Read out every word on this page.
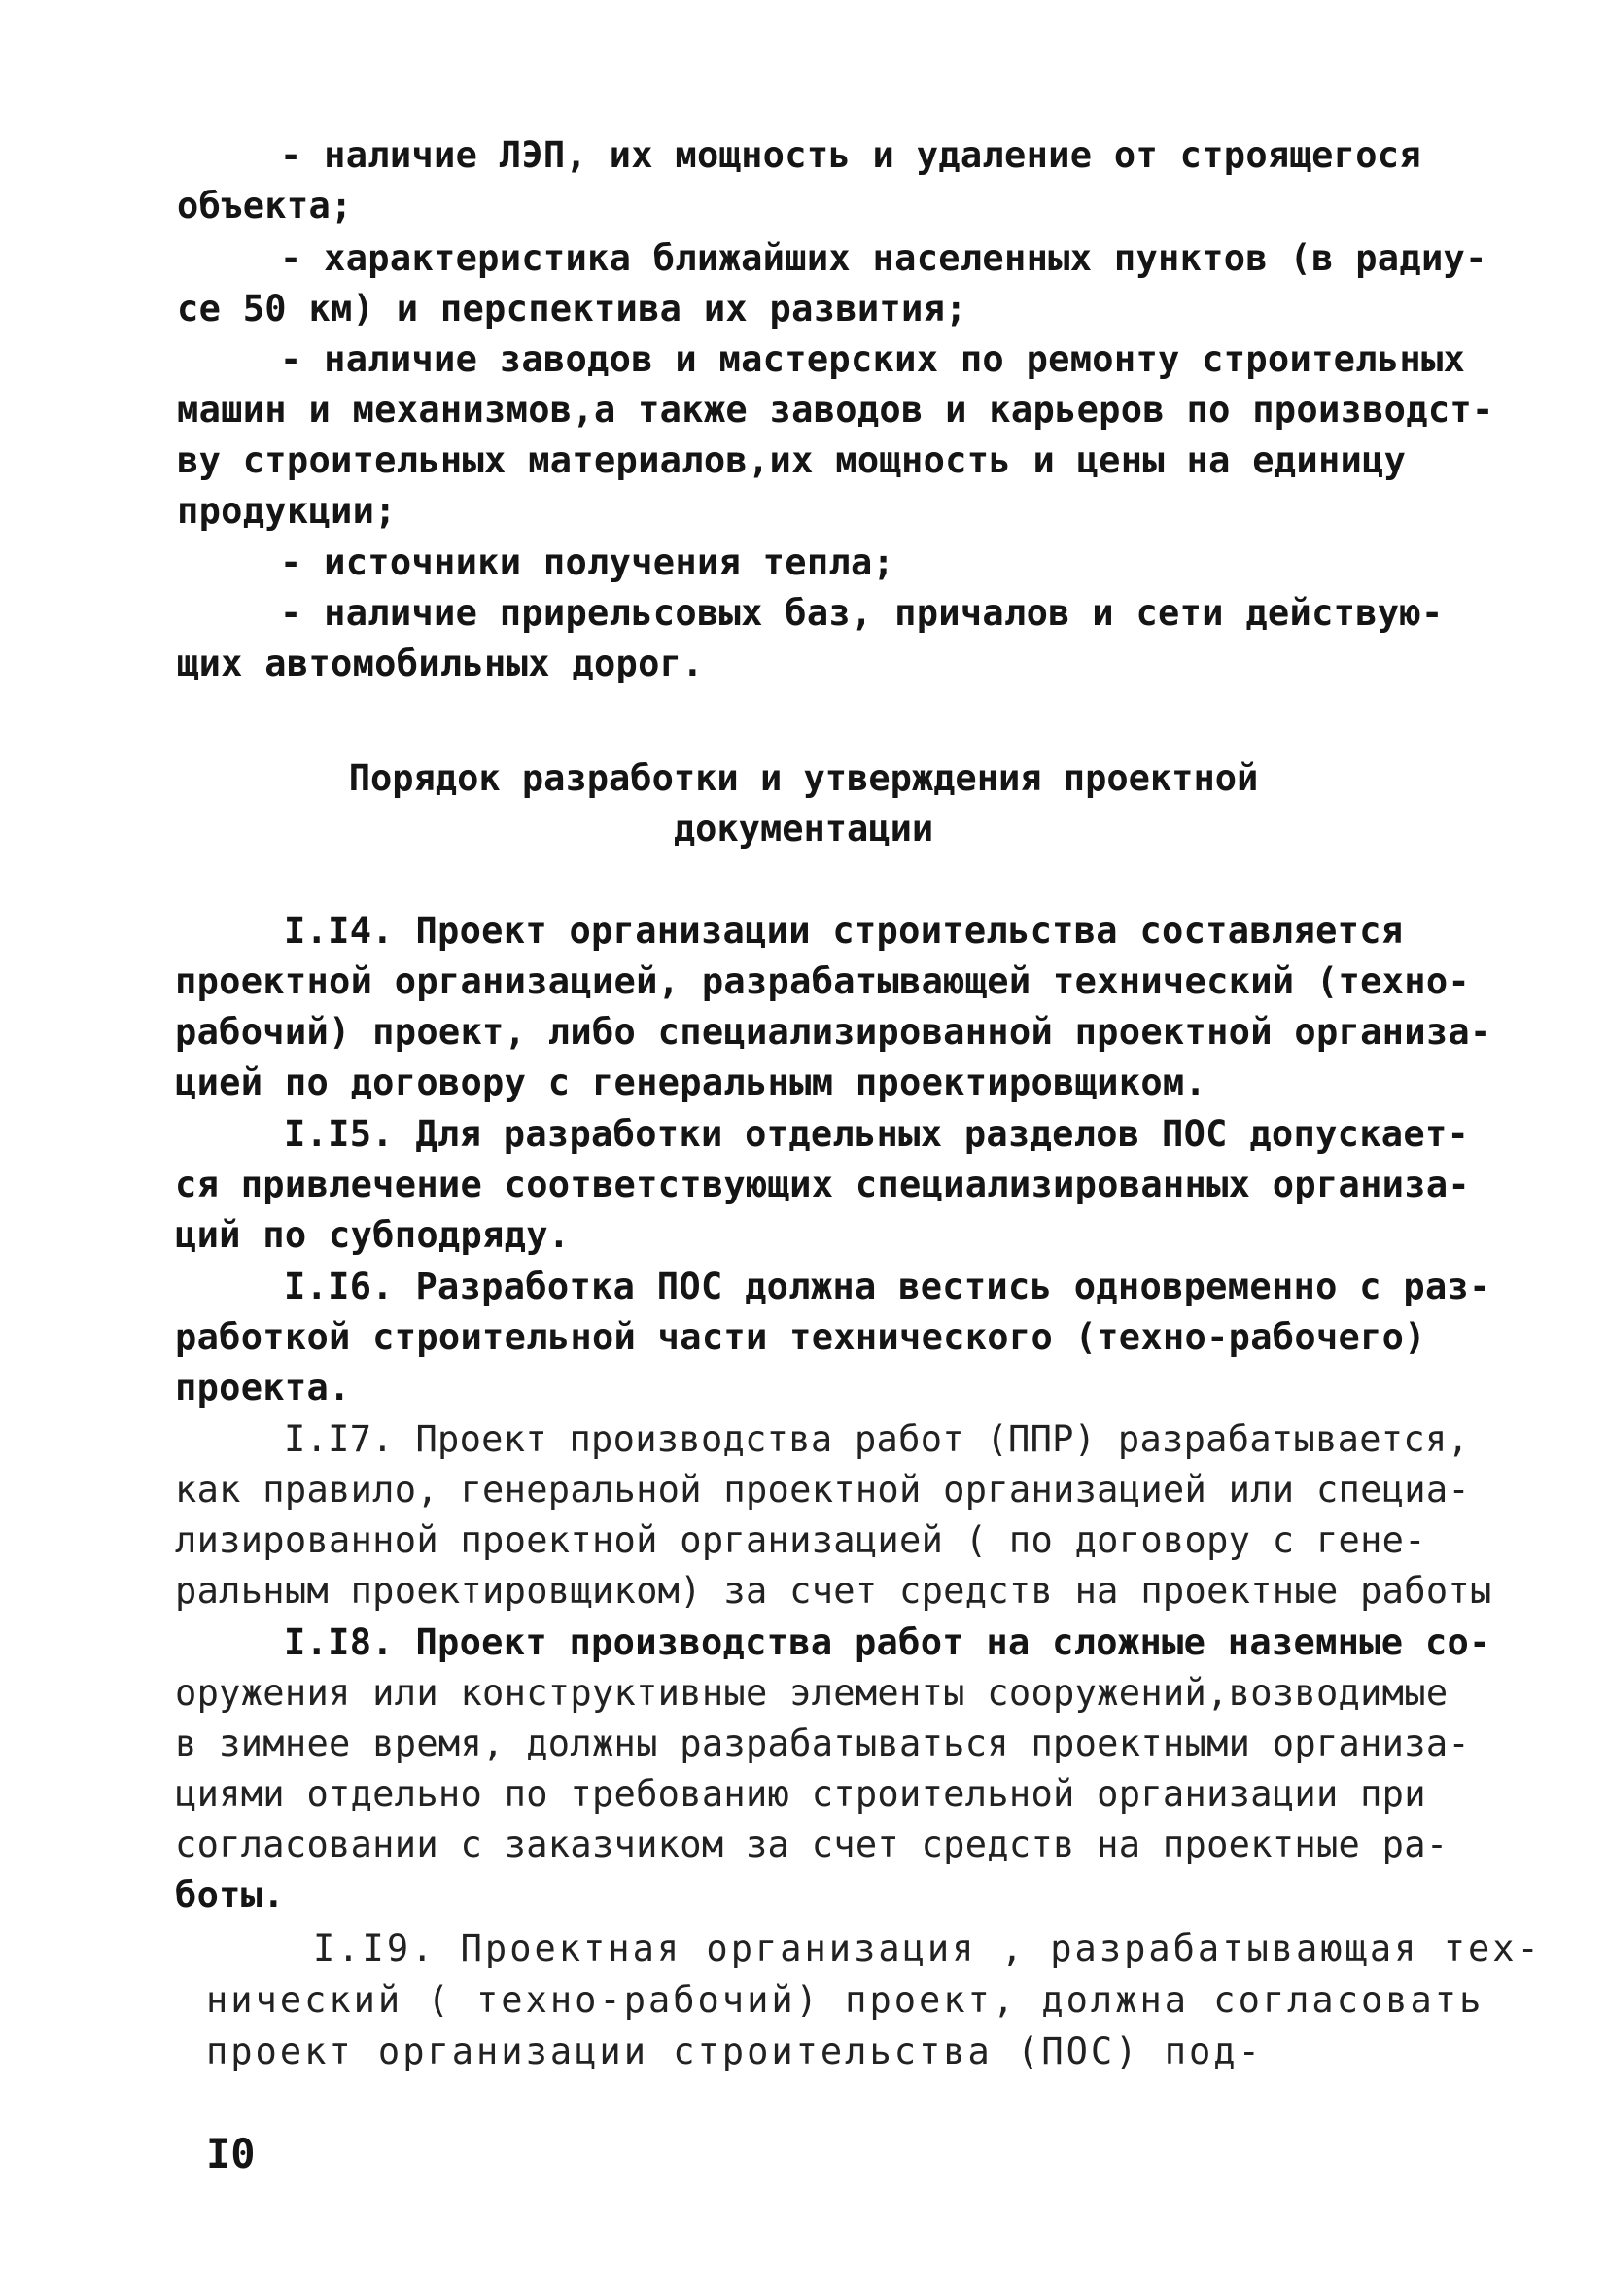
- наличие ЛЭП, их мощность и удаление от строящегося
объекта;
- характеристика ближайших населенных пунктов (в радиу-
се 50 км) и перспектива их развития;
- наличие заводов и мастерских по ремонту строительных
машин и механизмов,а также заводов и карьеров по производст-
ву строительных материалов,их мощность и цены на единицу
продукции;
- источники получения тепла;
- наличие прирельсовых баз, причалов и сети действую-
щих автомобильных дорог.
Порядок разработки и утверждения проектной
документации
I.I4. Проект организации строительства составляется
проектной организацией, разрабатывающей технический (техно-
рабочий) проект, либо специализированной проектной организа-
цией по договору с генеральным проектировщиком.
I.I5. Для разработки отдельных разделов ПОС допускает-
ся привлечение соответствующих специализированных организа-
ций по субподряду.
I.I6. Разработка ПОС должна вестись одновременно с раз-
работкой строительной части технического (техно-рабочего)
проекта.
I.I7. Проект производства работ (ППР) разрабатывается,
как правило, генеральной проектной организацией или специа-
лизированной проектной организацией ( по договору с гене-
ральным проектировщиком) за счет средств на проектные работы
I.I8. Проект производства работ на сложные наземные со-
оружения или конструктивные элементы сооружений,возводимые
в зимнее время, должны разрабатываться проектными организа-
циями отдельно по требованию строительной организации при
согласовании с заказчиком за счет средств на проектные ра-
боты.
I.I9. Проектная организация , разрабатывающая тех-
нический ( техно-рабочий) проект, должна согласовать
проект организации строительства (ПОС) под-
I0
